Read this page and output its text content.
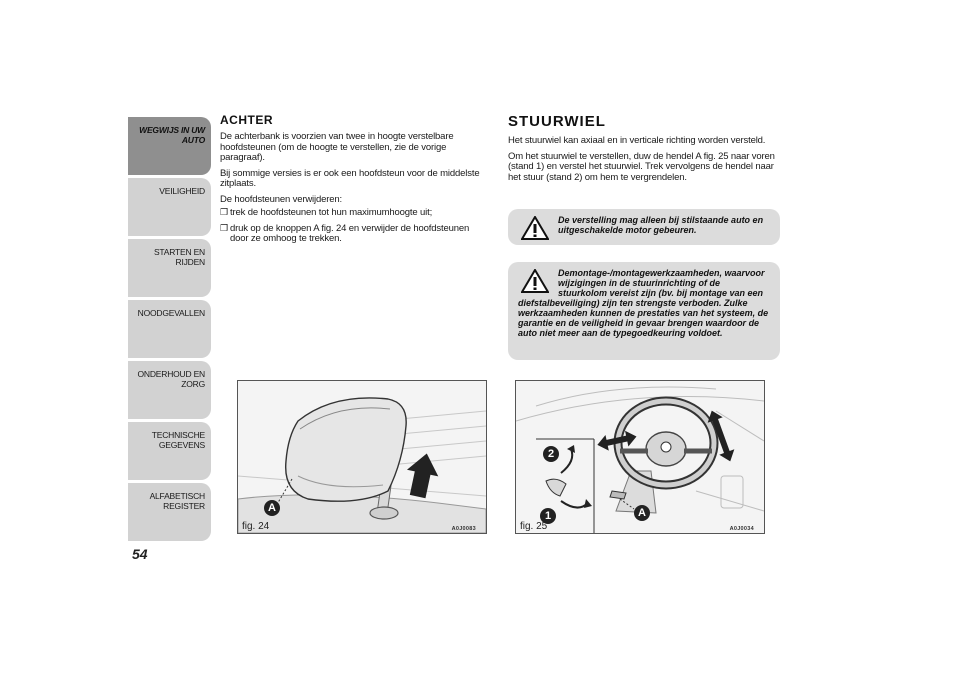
WEGWIJS IN UW
AUTO
VEILIGHEID
STARTEN EN RIJDEN
NOODGEVALLEN
ONDERHOUD EN
ZORG
TECHNISCHE
GEGEVENS
ALFABETISCH
REGISTER
54
ACHTER

De achterbank is voorzien van twee in hoogte verstelbare hoofdsteunen (om de hoogte te verstellen, zie de vorige paragraaf).

Bij sommige versies is er ook een hoofdsteun voor de middelste zitplaats.

De hoofdsteunen verwijderen:

❒ trek de hoofdsteunen tot hun maximumhoogte uit;
❒ druk op de knoppen A fig. 24 en verwijder de hoofdsteunen door ze omhoog te trekken.
STUURWIEL

Het stuurwiel kan axiaal en in verticale richting worden versteld.

Om het stuurwiel te verstellen, duw de hendel A fig. 25 naar voren (stand 1) en verstel het stuurwiel. Trek vervolgens de hendel naar het stuur (stand 2) om hem te vergrendelen.

De verstelling mag alleen bij stilstaande auto en uitgeschakelde motor gebeuren.
Demontage-/montagewerkzaamheden, waarvoor wijzigingen in de stuurinrichting of de stuurkolom vereist zijn (bv. bij montage van een
diefstalbeveiliging) zijn ten strengste verboden. Zulke werkzaamheden kunnen de prestaties van het systeem, de garantie en de veiligheid in gevaar brengen waardoor de auto niet meer aan de typegoedkeuring voldoet.
A
fig. 24	A0J0083
2
1	A
fig. 25	A0J0034
